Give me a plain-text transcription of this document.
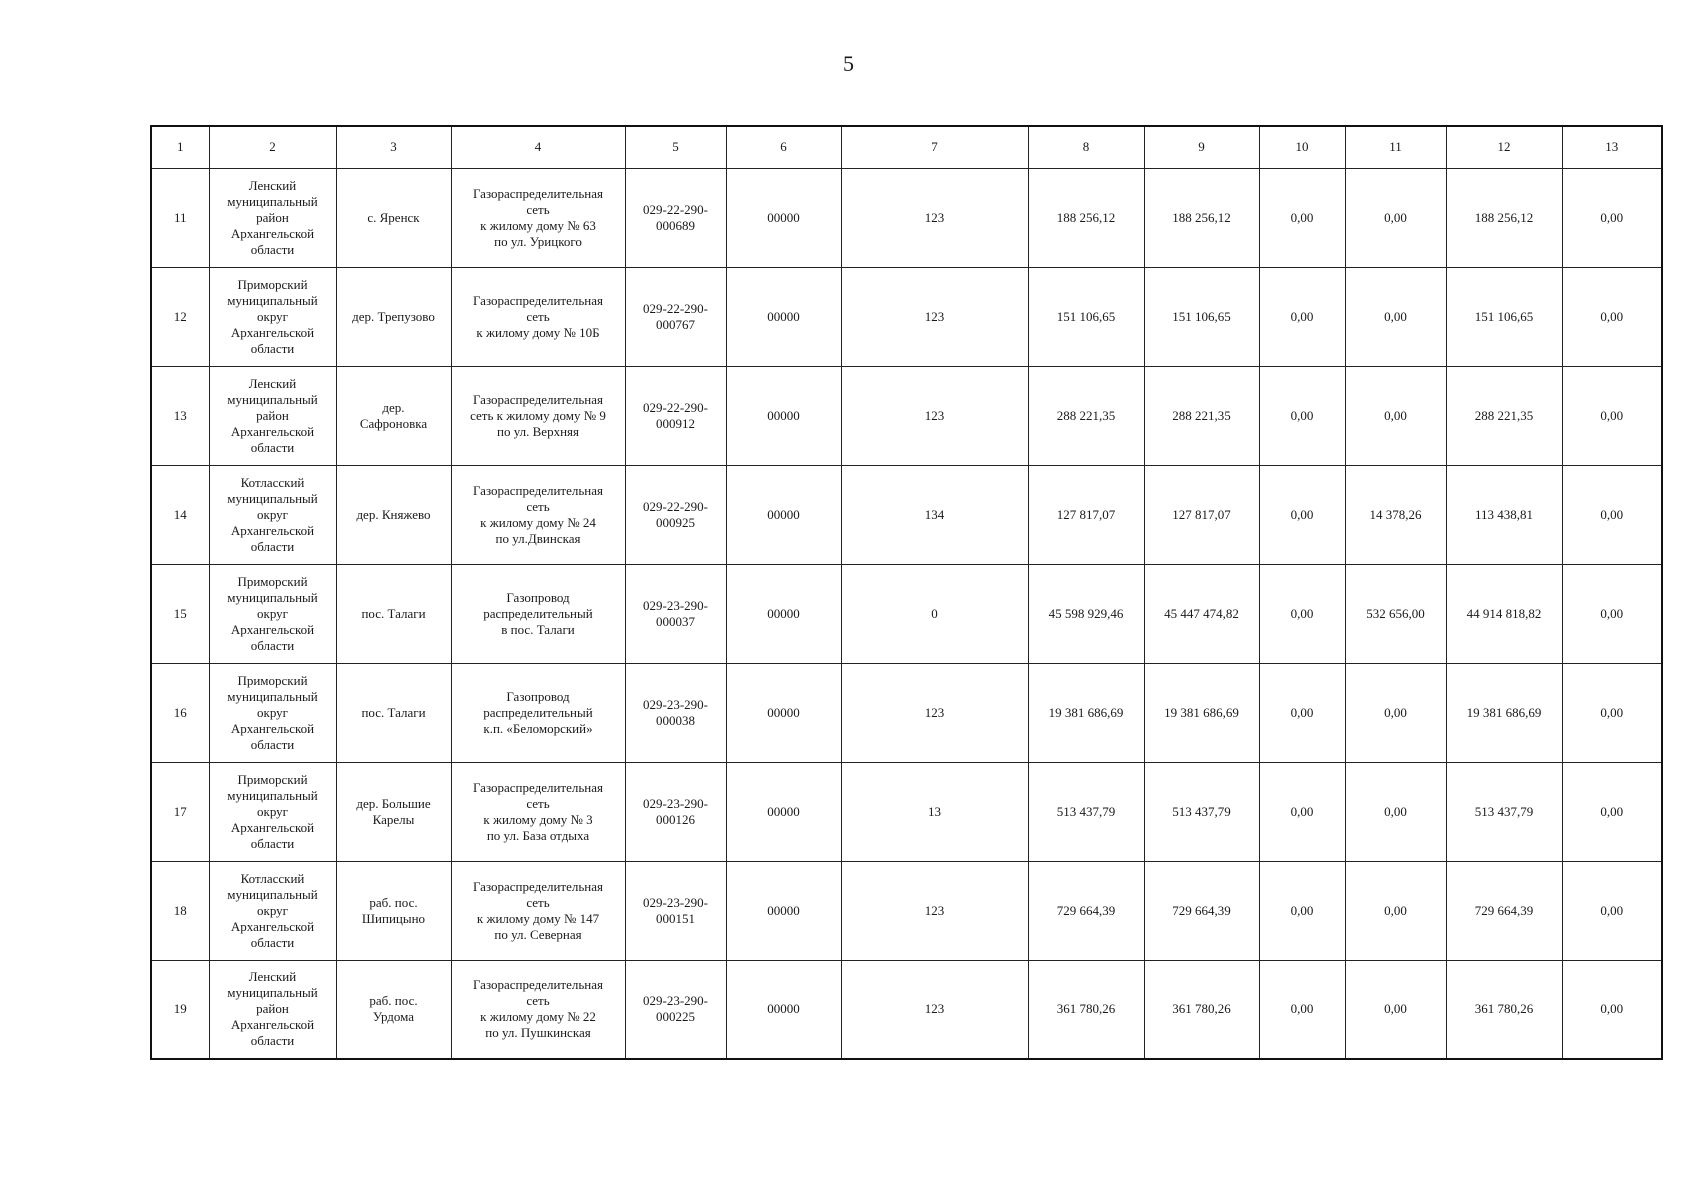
5
1	2	3	4	5	6	7	8	9	10	11	12	13
11	Ленский
муниципальный
район
Архангельской
области	с. Яренск	Газораспределительная
сеть
к жилому дому № 63
по ул. Урицкого	029-22-290-
000689	00000	123	188 256,12	188 256,12	0,00	0,00	188 256,12	0,00
12	Приморский
муниципальный
округ
Архангельской
области	дер. Трепузово	Газораспределительная
сеть
к жилому дому № 10Б	029-22-290-
000767	00000	123	151 106,65	151 106,65	0,00	0,00	151 106,65	0,00
13	Ленский
муниципальный
район
Архангельской
области	дер.
Сафроновка	Газораспределительная
сеть к жилому дому № 9
по ул. Верхняя	029-22-290-
000912	00000	123	288 221,35	288 221,35	0,00	0,00	288 221,35	0,00
14	Котласский
муниципальный
округ
Архангельской
области	дер. Княжево	Газораспределительная
сеть
к жилому дому № 24
по ул.Двинская	029-22-290-
000925	00000	134	127 817,07	127 817,07	0,00	14 378,26	113 438,81	0,00
15	Приморский
муниципальный
округ
Архангельской
области	пос. Талаги	Газопровод
распределительный
в пос. Талаги	029-23-290-
000037	00000	0	45 598 929,46	45 447 474,82	0,00	532 656,00	44 914 818,82	0,00
16	Приморский
муниципальный
округ
Архангельской
области	пос. Талаги	Газопровод
распределительный
к.п. «Беломорский»	029-23-290-
000038	00000	123	19 381 686,69	19 381 686,69	0,00	0,00	19 381 686,69	0,00
17	Приморский
муниципальный
округ
Архангельской
области	дер. Большие
Карелы	Газораспределительная
сеть
к жилому дому № 3
по ул. База отдыха	029-23-290-
000126	00000	13	513 437,79	513 437,79	0,00	0,00	513 437,79	0,00
18	Котласский
муниципальный
округ
Архангельской
области	раб. пос.
Шипицыно	Газораспределительная
сеть
к жилому дому № 147
по ул. Северная	029-23-290-
000151	00000	123	729 664,39	729 664,39	0,00	0,00	729 664,39	0,00
19	Ленский
муниципальный
район
Архангельской
области	раб. пос.
Урдома	Газораспределительная
сеть
к жилому дому № 22
по ул. Пушкинская	029-23-290-
000225	00000	123	361 780,26	361 780,26	0,00	0,00	361 780,26	0,00
